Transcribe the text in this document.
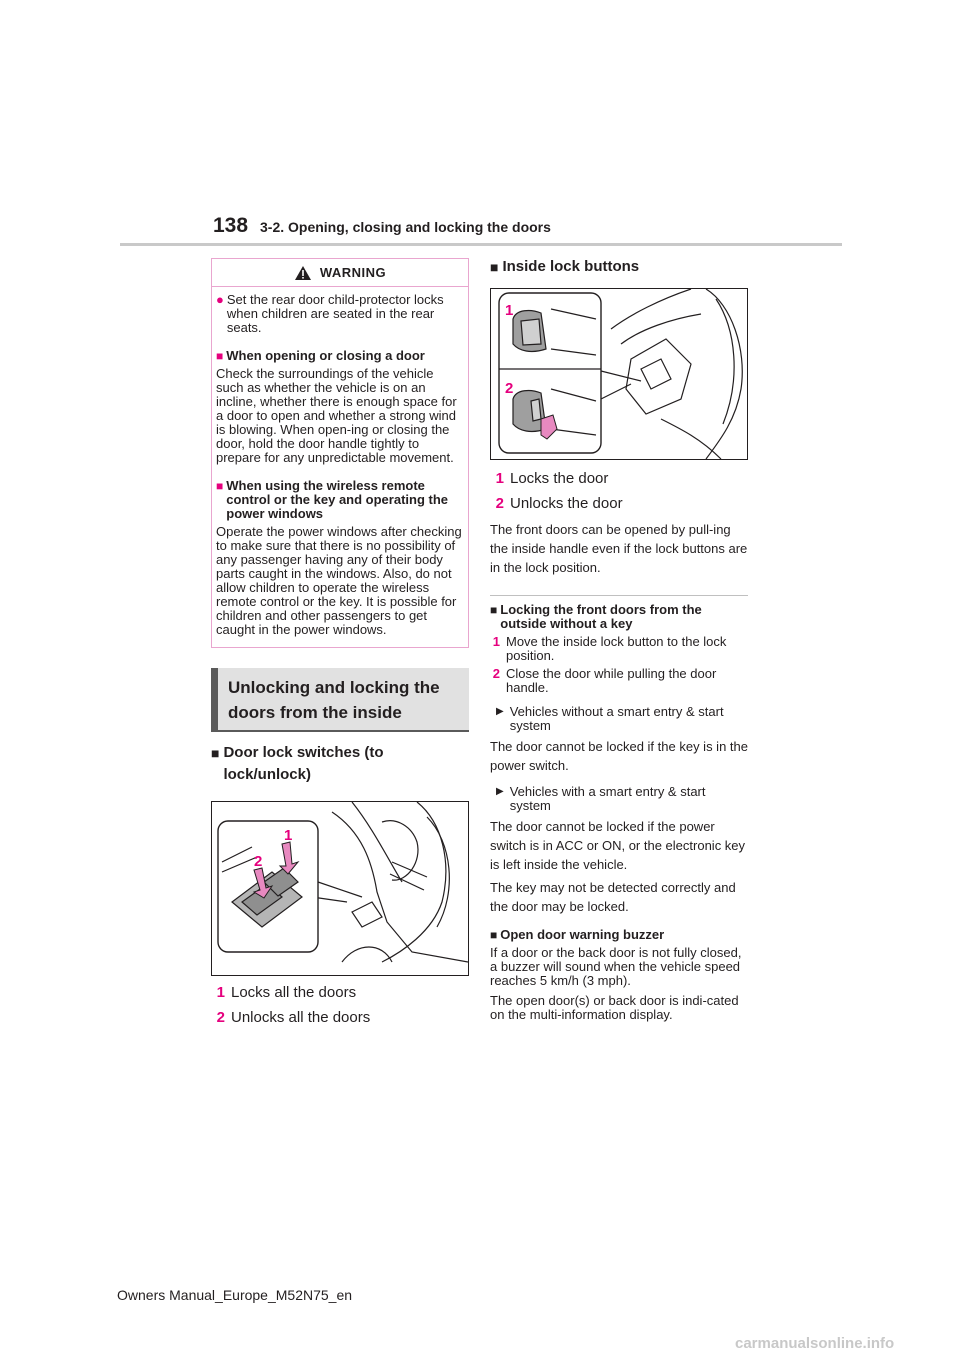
138 3-2. Opening, closing and locking the doors
WARNING
● Set the rear door child-protector locks when children are seated in the rear seats.
■ When opening or closing a door
Check the surroundings of the vehicle such as whether the vehicle is on an incline, whether there is enough space for a door to open and whether a strong wind is blowing. When open-ing or closing the door, hold the door handle tightly to prepare for any unpredictable movement.
■ When using the wireless remote control or the key and operating the power windows
Operate the power windows after checking to make sure that there is no possibility of any passenger having any of their body parts caught in the windows. Also, do not allow children to operate the wireless remote control or the key. It is possible for children and other passengers to get caught in the power windows.
Unlocking and locking the doors from the inside
■ Door lock switches (to lock/unlock)
1
2
1 Locks all the doors
2 Unlocks all the doors
■ Inside lock buttons
1
2
1 Locks the door
2 Unlocks the door
The front doors can be opened by pull-ing the inside handle even if the lock buttons are in the lock position.
■ Locking the front doors from the outside without a key
1 Move the inside lock button to the lock position.
2 Close the door while pulling the door handle.
▶ Vehicles without a smart entry & start system
The door cannot be locked if the key is in the power switch.
▶ Vehicles with a smart entry & start system
The door cannot be locked if the power switch is in ACC or ON, or the electronic key is left inside the vehicle.
The key may not be detected correctly and the door may be locked.
■ Open door warning buzzer
If a door or the back door is not fully closed, a buzzer will sound when the vehicle speed reaches 5 km/h (3 mph).
The open door(s) or back door is indi-cated on the multi-information display.
Owners Manual_Europe_M52N75_en
carmanualsonline.info
